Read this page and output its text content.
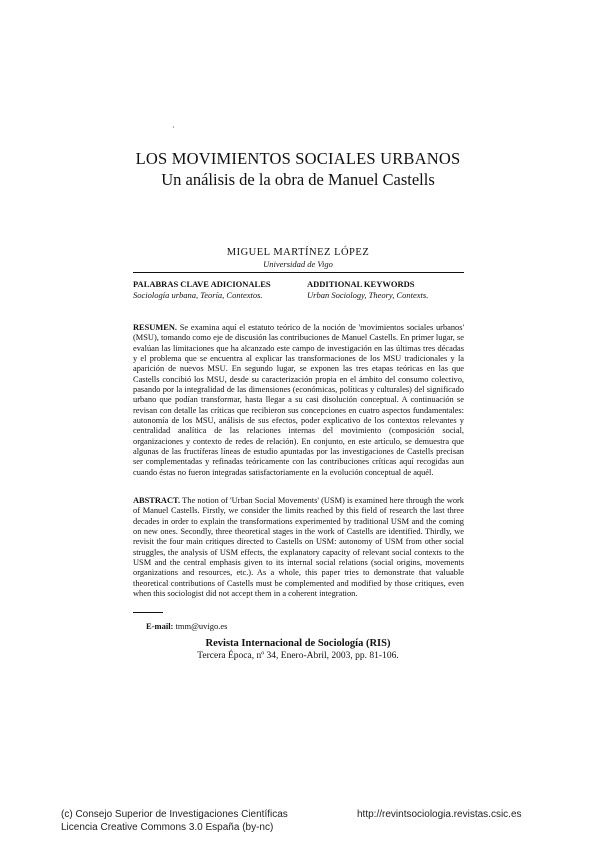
·
LOS MOVIMIENTOS SOCIALES URBANOS
Un análisis de la obra de Manuel Castells
MIGUEL MARTÍNEZ LÓPEZ
Universidad de Vigo
PALABRAS CLAVE ADICIONALES
Sociología urbana, Teoría, Contextos.
ADDITIONAL KEYWORDS
Urban Sociology, Theory, Contexts.
RESUMEN. Se examina aquí el estatuto teórico de la noción de 'movimientos sociales urbanos' (MSU), tomando como eje de discusión las contribuciones de Manuel Castells. En primer lugar, se evalúan las limitaciones que ha alcanzado este campo de investigación en las últimas tres décadas y el problema que se encuentra al explicar las transformaciones de los MSU tradicionales y la aparición de nuevos MSU. En segundo lugar, se exponen las tres etapas teóricas en las que Castells concibió los MSU, desde su caracterización propia en el ámbito del consumo colectivo, pasando por la integralidad de las dimensiones (económicas, políticas y culturales) del significado urbano que podían transformar, hasta llegar a su casi disolución conceptual. A continuación se revisan con detalle las críticas que recibieron sus concepciones en cuatro aspectos fundamentales: autonomía de los MSU, análisis de sus efectos, poder explicativo de los contextos relevantes y centralidad analítica de las relaciones internas del movimiento (composición social, organizaciones y contexto de redes de relación). En conjunto, en este artículo, se demuestra que algunas de las fructíferas líneas de estudio apuntadas por las investigaciones de Castells precisan ser complementadas y refinadas teóricamente con las contribuciones críticas aquí recogidas aun cuando éstas no fueron integradas satisfactoriamente en la evolución conceptual de aquél.
ABSTRACT. The notion of 'Urban Social Movements' (USM) is examined here through the work of Manuel Castells. Firstly, we consider the limits reached by this field of research the last three decades in order to explain the transformations experimented by traditional USM and the coming on new ones. Secondly, three theoretical stages in the work of Castells are identified. Thirdly, we revisit the four main critiques directed to Castells on USM: autonomy of USM from other social struggles, the analysis of USM effects, the explanatory capacity of relevant social contexts to the USM and the central emphasis given to its internal social relations (social origins, movements organizations and resources, etc.). As a whole, this paper tries to demonstrate that valuable theoretical contributions of Castells must be complemented and modified by those critiques, even when this sociologist did not accept them in a coherent integration.
E-mail: tmm@uvigo.es
Revista Internacional de Sociología (RIS)
Tercera Época, nº 34, Enero-Abril, 2003, pp. 81-106.
(c) Consejo Superior de Investigaciones Científicas
Licencia Creative Commons 3.0 España (by-nc)
http://revintsociologia.revistas.csic.es
